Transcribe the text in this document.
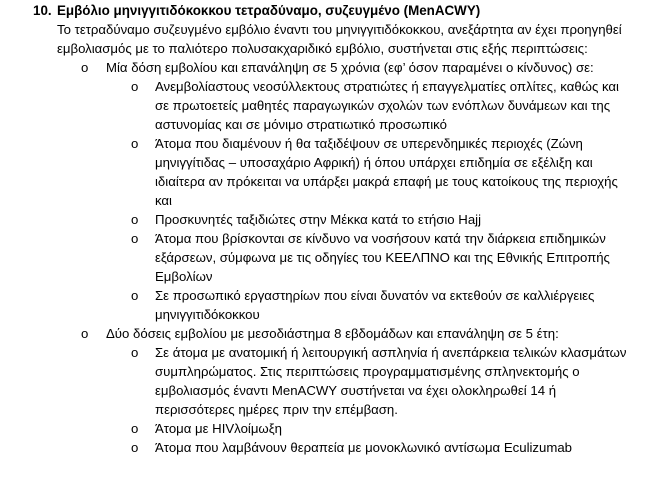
10. Εμβόλιο μηνιγγιτιδόκοκκου τετραδύναμο, συζευγμένο (MenACWY)
Το τετραδύναμο συζευγμένο εμβόλιο έναντι του μηνιγγιτιδόκοκκου, ανεξάρτητα αν έχει προηγηθεί εμβολιασμός με το παλιότερο πολυσακχαριδικό εμβόλιο, συστήνεται στις εξής περιπτώσεις:
o Μία δόση εμβολίου και επανάληψη σε 5 χρόνια (εφ’ όσον παραμένει ο κίνδυνος) σε:
o Ανεμβολίαστους νεοσύλλεκτους στρατιώτες ή επαγγελματίες οπλίτες, καθώς και σε πρωτοετείς μαθητές παραγωγικών σχολών των ενόπλων δυνάμεων και της αστυνομίας και σε μόνιμο στρατιωτικό προσωπικό
o Άτομα που διαμένουν ή θα ταξιδέψουν σε υπερενδημικές περιοχές (Ζώνη μηνιγγίτιδας – υποσαχάριο Αφρική) ή όπου υπάρχει επιδημία σε εξέλιξη και ιδιαίτερα αν πρόκειται να υπάρξει μακρά επαφή με τους κατοίκους της περιοχής και
o Προσκυνητές ταξιδιώτες στην Μέκκα κατά το ετήσιο Hajj
o Άτομα που βρίσκονται σε κίνδυνο να νοσήσουν κατά την διάρκεια επιδημικών εξάρσεων, σύμφωνα με τις οδηγίες του ΚΕΕΛΠΝΟ και της Εθνικής Επιτροπής Εμβολίων
o Σε προσωπικό εργαστηρίων που είναι δυνατόν να εκτεθούν σε καλλιέργειες μηνιγγιτιδόκοκκου
o Δύο δόσεις εμβολίου με μεσοδιάστημα 8 εβδομάδων και επανάληψη σε 5 έτη:
o Σε άτομα με ανατομική ή λειτουργική ασπληνία ή ανεπάρκεια τελικών κλασμάτων συμπληρώματος. Στις περιπτώσεις προγραμματισμένης σπληνεκτομής ο εμβολιασμός έναντι MenACWY συστήνεται να έχει ολοκληρωθεί 14 ή περισσότερες ημέρες πριν την επέμβαση.
o Άτομα με HIVλοίμωξη
o Άτομα που λαμβάνουν θεραπεία με μονοκλωνικό αντίσωμα Eculizumab
